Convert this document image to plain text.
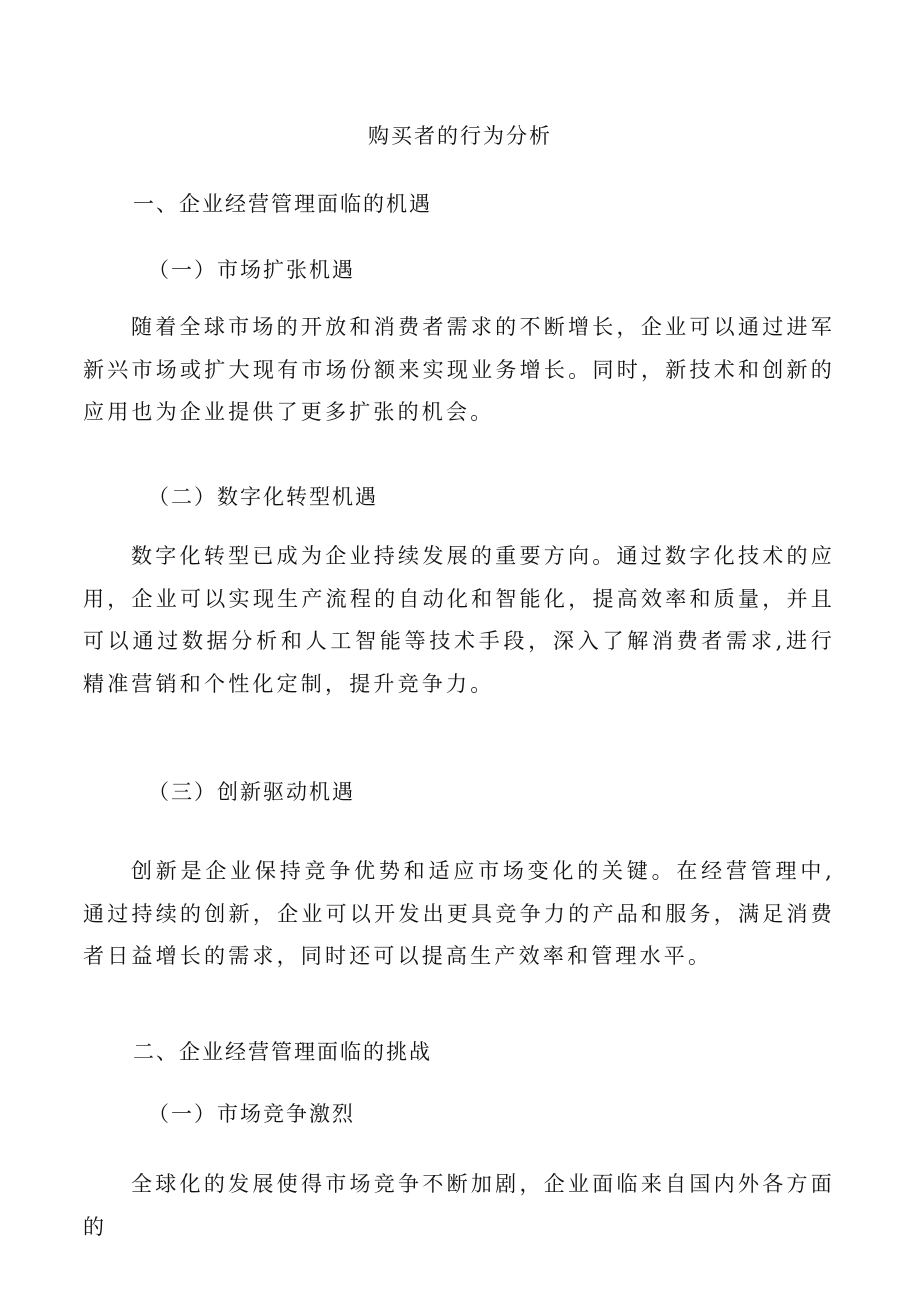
购买者的行为分析
一、企业经营管理面临的机遇
（一）市场扩张机遇

随着全球市场的开放和消费者需求的不断增长，企业可以通过进军新兴市场或扩大现有市场份额来实现业务增长。同时，新技术和创新的应用也为企业提供了更多扩张的机会。

（二）数字化转型机遇

数字化转型已成为企业持续发展的重要方向。通过数字化技术的应用，企业可以实现生产流程的自动化和智能化，提高效率和质量，并且可以通过数据分析和人工智能等技术手段，深入了解消费者需求,进行精准营销和个性化定制，提升竞争力。

（三）创新驱动机遇

创新是企业保持竞争优势和适应市场变化的关键。在经营管理中,通过持续的创新，企业可以开发出更具竞争力的产品和服务，满足消费者日益增长的需求，同时还可以提高生产效率和管理水平。

二、企业经营管理面临的挑战
（一）市场竞争激烈

全球化的发展使得市场竞争不断加剧，企业面临来自国内外各方面的
